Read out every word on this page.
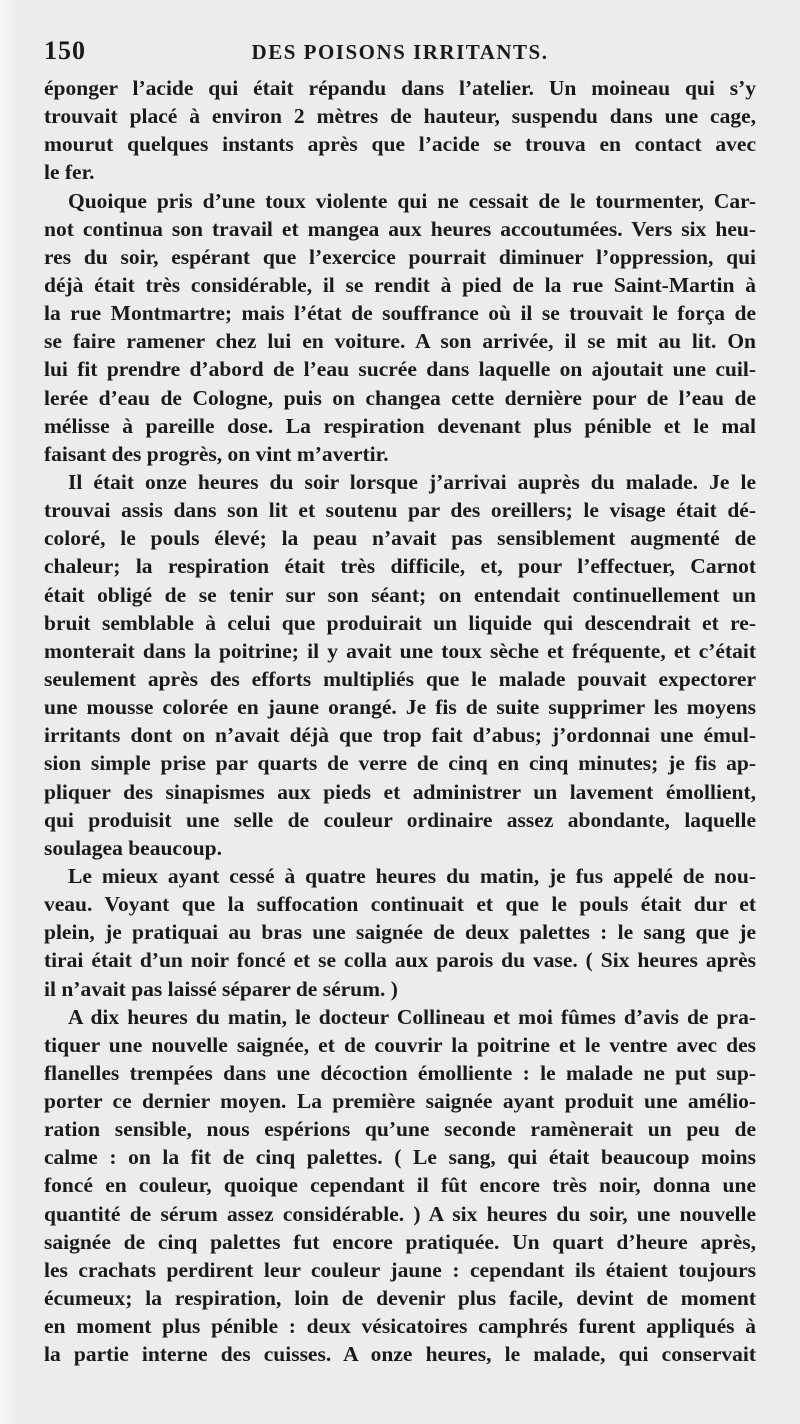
150	DES POISONS IRRITANTS.
éponger l’acide qui était répandu dans l’atelier. Un moineau qui s’y
trouvait placé à environ 2 mètres de hauteur, suspendu dans une cage,
mourut quelques instants après que l’acide se trouva en contact avec
le fer.
Quoique pris d’une toux violente qui ne cessait de le tourmenter, Car-
not continua son travail et mangea aux heures accoutumées. Vers six heu-
res du soir, espérant que l’exercice pourrait diminuer l’oppression, qui
déjà était très considérable, il se rendit à pied de la rue Saint-Martin à
la rue Montmartre; mais l’état de souffrance où il se trouvait le força de
se faire ramener chez lui en voiture. A son arrivée, il se mit au lit. On
lui fit prendre d’abord de l’eau sucrée dans laquelle on ajoutait une cuil-
lerée d’eau de Cologne, puis on changea cette dernière pour de l’eau de
mélisse à pareille dose. La respiration devenant plus pénible et le mal
faisant des progrès, on vint m’avertir.
Il était onze heures du soir lorsque j’arrivai auprès du malade. Je le
trouvai assis dans son lit et soutenu par des oreillers; le visage était dé-
coloré, le pouls élevé; la peau n’avait pas sensiblement augmenté de
chaleur; la respiration était très difficile, et, pour l’effectuer, Carnot
était obligé de se tenir sur son séant; on entendait continuellement un
bruit semblable à celui que produirait un liquide qui descendrait et re-
monterait dans la poitrine; il y avait une toux sèche et fréquente, et c’était
seulement après des efforts multipliés que le malade pouvait expectorer
une mousse colorée en jaune orangé. Je fis de suite supprimer les moyens
irritants dont on n’avait déjà que trop fait d’abus; j’ordonnai une émul-
sion simple prise par quarts de verre de cinq en cinq minutes; je fis ap-
pliquer des sinapismes aux pieds et administrer un lavement émollient,
qui produisit une selle de couleur ordinaire assez abondante, laquelle
soulagea beaucoup.
Le mieux ayant cessé à quatre heures du matin, je fus appelé de nou-
veau. Voyant que la suffocation continuait et que le pouls était dur et
plein, je pratiquai au bras une saignée de deux palettes : le sang que je
tirai était d’un noir foncé et se colla aux parois du vase. ( Six heures après
il n’avait pas laissé séparer de sérum. )
A dix heures du matin, le docteur Collineau et moi fûmes d’avis de pra-
tiquer une nouvelle saignée, et de couvrir la poitrine et le ventre avec des
flanelles trempées dans une décoction émolliente : le malade ne put sup-
porter ce dernier moyen. La première saignée ayant produit une amélio-
ration sensible, nous espérions qu’une seconde ramènerait un peu de
calme : on la fit de cinq palettes. ( Le sang, qui était beaucoup moins
foncé en couleur, quoique cependant il fût encore très noir, donna une
quantité de sérum assez considérable. ) A six heures du soir, une nouvelle
saignée de cinq palettes fut encore pratiquée. Un quart d’heure après,
les crachats perdirent leur couleur jaune : cependant ils étaient toujours
écumeux; la respiration, loin de devenir plus facile, devint de moment
en moment plus pénible : deux vésicatoires camphrés furent appliqués à
la partie interne des cuisses. A onze heures, le malade, qui conservait
